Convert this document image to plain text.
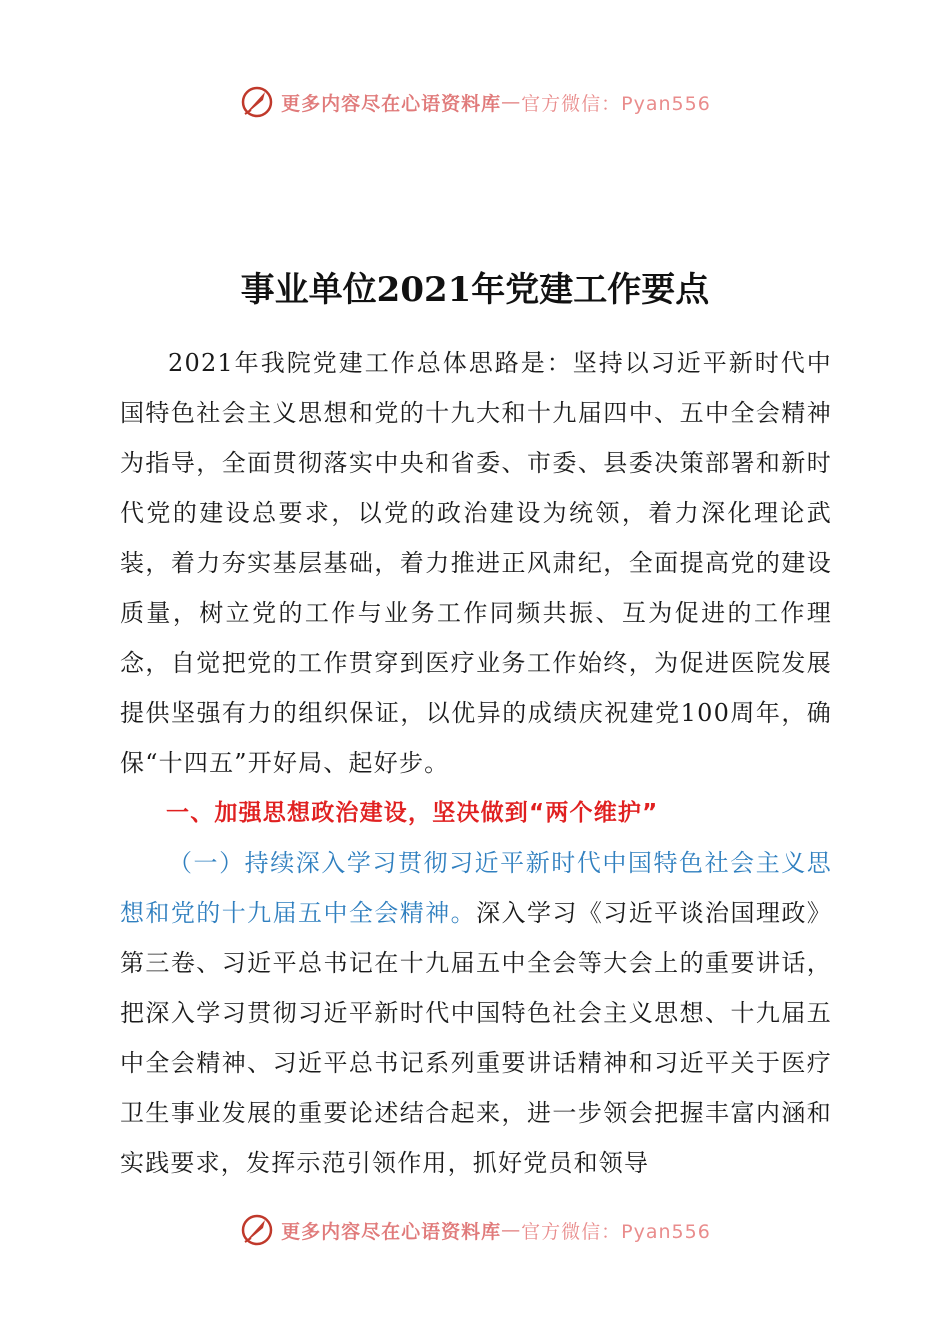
更多内容尽在心语资料库 — 官方微信：Pyan556
事业单位2021年党建工作要点

2021年我院党建工作总体思路是：坚持以习近平新时代中国特色社会主义思想和党的十九大和十九届四中、五中全会精神为指导，全面贯彻落实中央和省委、市委、县委决策部署和新时代党的建设总要求，以党的政治建设为统领，着力深化理论武装，着力夯实基层基础，着力推进正风肃纪，全面提高党的建设质量，树立党的工作与业务工作同频共振、互为促进的工作理念，自觉把党的工作贯穿到医疗业务工作始终，为促进医院发展提供坚强有力的组织保证，以优异的成绩庆祝建党100周年，确保“十四五”开好局、起好步。

一、加强思想政治建设，坚决做到“两个维护”

（一）持续深入学习贯彻习近平新时代中国特色社会主义思想和党的十九届五中全会精神。深入学习《习近平谈治国理政》第三卷、习近平总书记在十九届五中全会等大会上的重要讲话，把深入学习贯彻习近平新时代中国特色社会主义思想、十九届五中全会精神、习近平总书记系列重要讲话精神和习近平关于医疗卫生事业发展的重要论述结合起来，进一步领会把握丰富内涵和实践要求，发挥示范引领作用，抓好党员和领导

更多内容尽在心语资料库 — 官方微信：Pyan556
